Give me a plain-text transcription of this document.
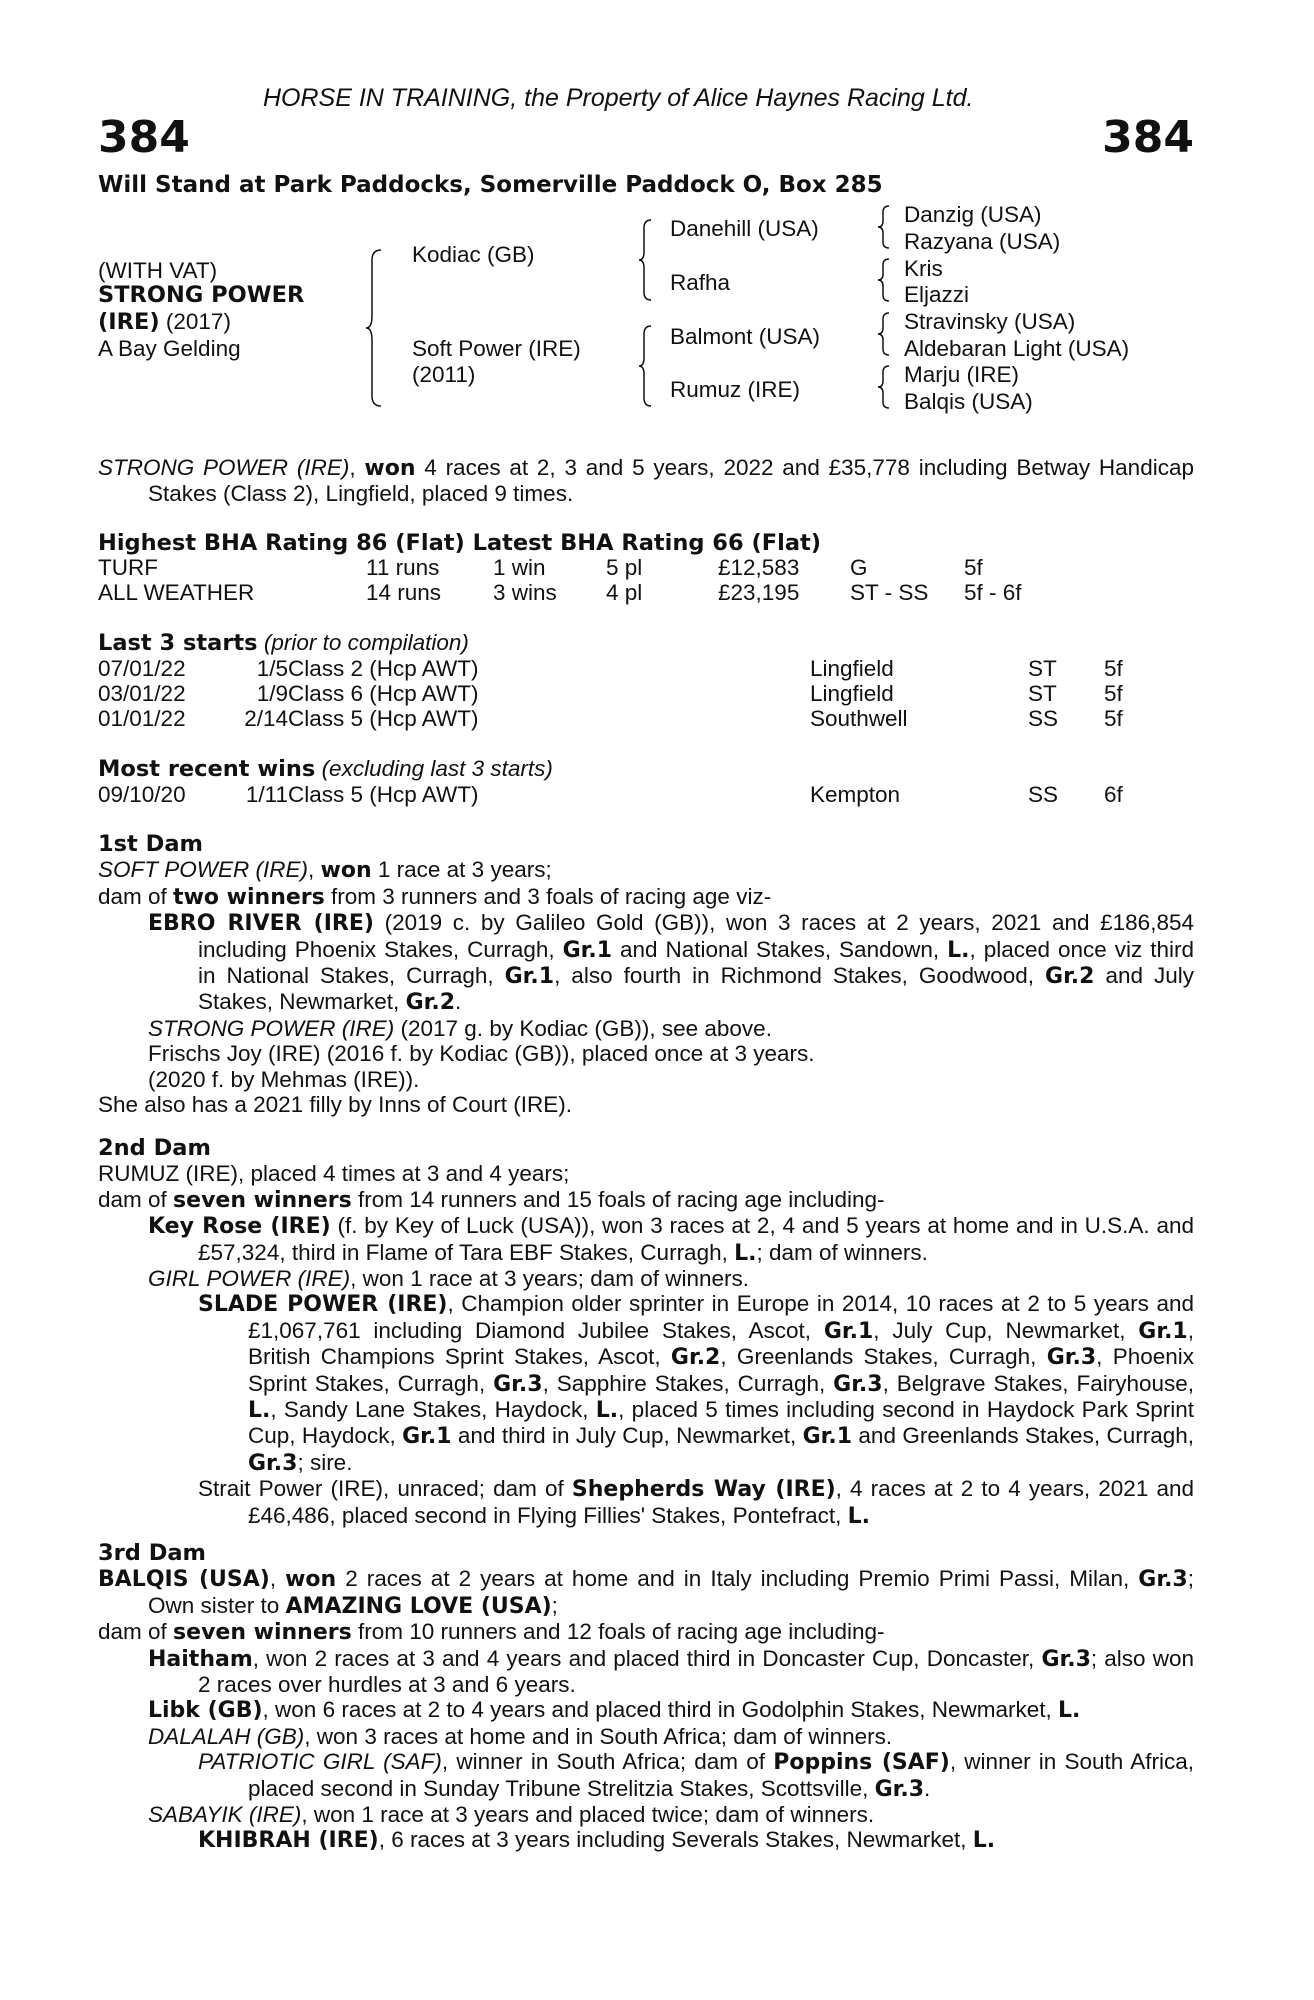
HORSE IN TRAINING, the Property of Alice Haynes Racing Ltd.
384	384
Will Stand at Park Paddocks, Somerville Paddock O, Box 285
(WITH VAT)
STRONG POWER
(IRE) (2017)
A Bay Gelding
Kodiac (GB)
Soft Power (IRE)
(2011)
Danehill (USA)
Rafha
Balmont (USA)
Rumuz (IRE)
Danzig (USA)
Razyana (USA)
Kris
Eljazzi
Stravinsky (USA)
Aldebaran Light (USA)
Marju (IRE)
Balqis (USA)

STRONG POWER (IRE), won 4 races at 2, 3 and 5 years, 2022 and £35,778 including Betway Handicap Stakes (Class 2), Lingfield, placed 9 times.

Highest BHA Rating 86 (Flat) Latest BHA Rating 66 (Flat)
TURF	11 runs 1 win	5 pl	£12,583 G	5f
ALL WEATHER	14 runs 3 wins 4 pl	£23,195 ST - SS 5f - 6f
Last 3 starts (prior to compilation)
07/01/22	1/5 Class 2 (Hcp AWT)	Lingfield	ST 5f
03/01/22	1/9 Class 6 (Hcp AWT)	Lingfield	ST 5f
01/01/22	2/14 Class 5 (Hcp AWT)	Southwell	SS 5f
Most recent wins (excluding last 3 starts)
09/10/20	1/11 Class 5 (Hcp AWT)	Kempton	SS 6f

1st Dam

SOFT POWER (IRE), won 1 race at 3 years;

dam of two winners from 3 runners and 3 foals of racing age viz-

EBRO RIVER (IRE) (2019 c. by Galileo Gold (GB)), won 3 races at 2 years, 2021 and £186,854 including Phoenix Stakes, Curragh, Gr.1 and National Stakes, Sandown, L., placed once viz third in National Stakes, Curragh, Gr.1, also fourth in Richmond Stakes, Goodwood, Gr.2 and July Stakes, Newmarket, Gr.2.

STRONG POWER (IRE) (2017 g. by Kodiac (GB)), see above.

Frischs Joy (IRE) (2016 f. by Kodiac (GB)), placed once at 3 years.

(2020 f. by Mehmas (IRE)).

She also has a 2021 filly by Inns of Court (IRE).

2nd Dam

RUMUZ (IRE), placed 4 times at 3 and 4 years;

dam of seven winners from 14 runners and 15 foals of racing age including-

Key Rose (IRE) (f. by Key of Luck (USA)), won 3 races at 2, 4 and 5 years at home and in U.S.A. and £57,324, third in Flame of Tara EBF Stakes, Curragh, L.; dam of winners.

GIRL POWER (IRE), won 1 race at 3 years; dam of winners.

SLADE POWER (IRE), Champion older sprinter in Europe in 2014, 10 races at 2 to 5 years and £1,067,761 including Diamond Jubilee Stakes, Ascot, Gr.1, July Cup, Newmarket, Gr.1, British Champions Sprint Stakes, Ascot, Gr.2, Greenlands Stakes, Curragh, Gr.3, Phoenix Sprint Stakes, Curragh, Gr.3, Sapphire Stakes, Curragh, Gr.3, Belgrave Stakes, Fairyhouse, L., Sandy Lane Stakes, Haydock, L., placed 5 times including second in Haydock Park Sprint Cup, Haydock, Gr.1 and third in July Cup, Newmarket, Gr.1 and Greenlands Stakes, Curragh, Gr.3; sire.

Strait Power (IRE), unraced; dam of Shepherds Way (IRE), 4 races at 2 to 4 years, 2021 and £46,486, placed second in Flying Fillies' Stakes, Pontefract, L.

3rd Dam

BALQIS (USA), won 2 races at 2 years at home and in Italy including Premio Primi Passi, Milan, Gr.3; Own sister to AMAZING LOVE (USA);

dam of seven winners from 10 runners and 12 foals of racing age including-

Haitham, won 2 races at 3 and 4 years and placed third in Doncaster Cup, Doncaster, Gr.3; also won 2 races over hurdles at 3 and 6 years.

Libk (GB), won 6 races at 2 to 4 years and placed third in Godolphin Stakes, Newmarket, L.

DALALAH (GB), won 3 races at home and in South Africa; dam of winners.

PATRIOTIC GIRL (SAF), winner in South Africa; dam of Poppins (SAF), winner in South Africa, placed second in Sunday Tribune Strelitzia Stakes, Scottsville, Gr.3.

SABAYIK (IRE), won 1 race at 3 years and placed twice; dam of winners.

KHIBRAH (IRE), 6 races at 3 years including Severals Stakes, Newmarket, L.
